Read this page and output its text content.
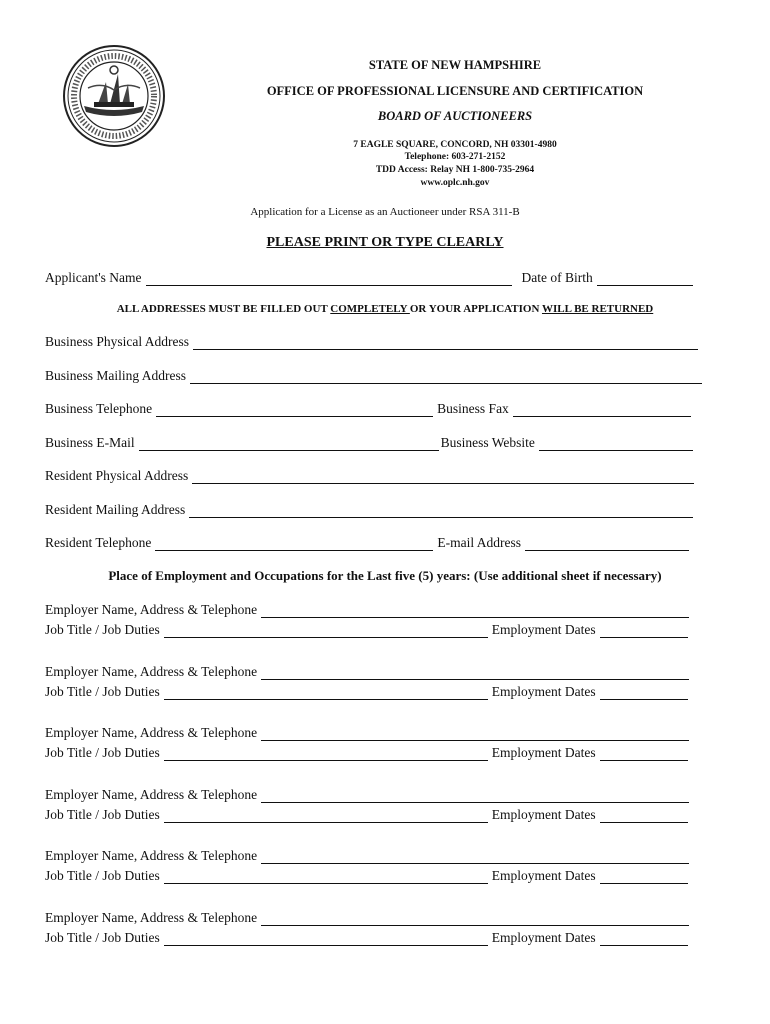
STATE OF NEW HAMPSHIRE
OFFICE OF PROFESSIONAL LICENSURE AND CERTIFICATION
BOARD OF AUCTIONEERS
7 EAGLE SQUARE, CONCORD, NH 03301-4980
Telephone: 603-271-2152
TDD Access: Relay NH 1-800-735-2964
www.oplc.nh.gov
Application for a License as an Auctioneer under RSA 311-B
PLEASE PRINT OR TYPE CLEARLY
Applicant's Name	Date of Birth
ALL ADDRESSES MUST BE FILLED OUT COMPLETELY OR YOUR APPLICATION WILL BE RETURNED
Business Physical Address
Business Mailing Address
Business Telephone	Business Fax
Business E-Mail	Business Website
Resident Physical Address
Resident Mailing Address
Resident Telephone	E-mail Address
Place of Employment and Occupations for the Last five (5) years: (Use additional sheet if necessary)
Employer Name, Address & Telephone
Job Title / Job Duties	Employment Dates
Employer Name, Address & Telephone
Job Title / Job Duties	Employment Dates
Employer Name, Address & Telephone
Job Title / Job Duties	Employment Dates
Employer Name, Address & Telephone
Job Title / Job Duties	Employment Dates
Employer Name, Address & Telephone
Job Title / Job Duties	Employment Dates
Employer Name, Address & Telephone
Job Title / Job Duties	Employment Dates
